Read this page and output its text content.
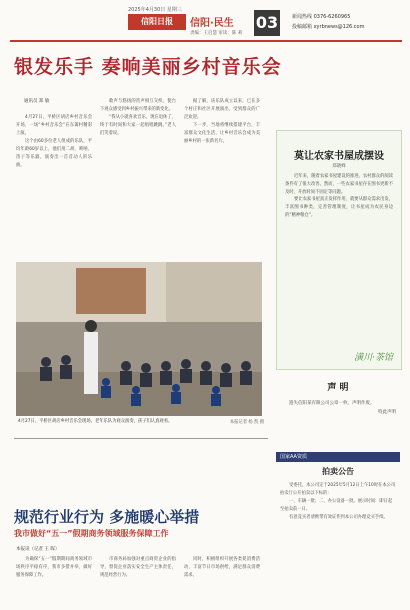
2025年4月30日 星期三
信阳日报	信阳·民生
责编：王启慧 审读：陈 莉
03	新闻热线 0376-6260965
投稿邮箱 xyrbnews@126.com
银发乐手 奏响美丽乡村音乐会
通讯员 郑 敏

4月27日，平桥区胡店乡村音乐会开场，一场“乡村音乐会”在东篱村精彩上演。

这个由60多位老人组成的乐队，平均年龄60岁以上，他们用二胡、唢呐、笛子等乐器，演奏出一首首动人的乐曲。

歌声与悠扬的笛声相互交织，使台下观众感受到乡村振兴带来的新变化。

“我从小就喜欢音乐，现在退休了，终于有时间和大家一起唱唱跳跳。”老人们笑着说。

据了解，该乐队成立以来，已在多个村庄和社区开展演出，受到群众的广泛欢迎。

下一步，当地将继续搭建平台，丰富群众文化生活，让乡村音乐会成为美丽乡村的一张新名片。

4月27日，平桥区胡店乡村音乐会现场，老年乐队为观众演奏，孩子们认真观看。	本报记者 杨 凯 摄
莫让农家书屋成摆设
郑晓峰

近年来，随着农家书屋建设的推进，农村群众的阅读条件有了很大改善。然而，一些农家书屋存在图书更新不及时、开放时间不固定等问题。

要让农家书屋真正发挥作用，就要从群众需求出发，丰富图书种类，完善管理制度，让书屋成为农民身边的“精神粮仓”。

潢川·茶馆
声 明

遗失信阳某有限公司公章一枚，声明作废。

特此声明

国家AA资质
拍卖公告

受委托，本公司定于2025年5月12日上午10时在本公司拍卖厅公开拍卖以下标的：

一、车辆一批；二、办公设备一批。展示时间：即日起至拍卖前一日。

有意竞买者请携带有效证件到本公司办理竞买手续。

规范行业行为 多施暖心举措
我市做好“五一”假期商务领域服务保障工作
本报讯（记者 王 晖）

为确保“五一”假期期间商务领域市场秩序平稳有序，我市多措并举，做好服务保障工作。

市商务局加强对重点商贸企业的指导，督促企业落实安全生产主体责任，规范经营行为。

同时，积极组织开展各类促消费活动，丰富节日市场供给，满足群众消费需求。
